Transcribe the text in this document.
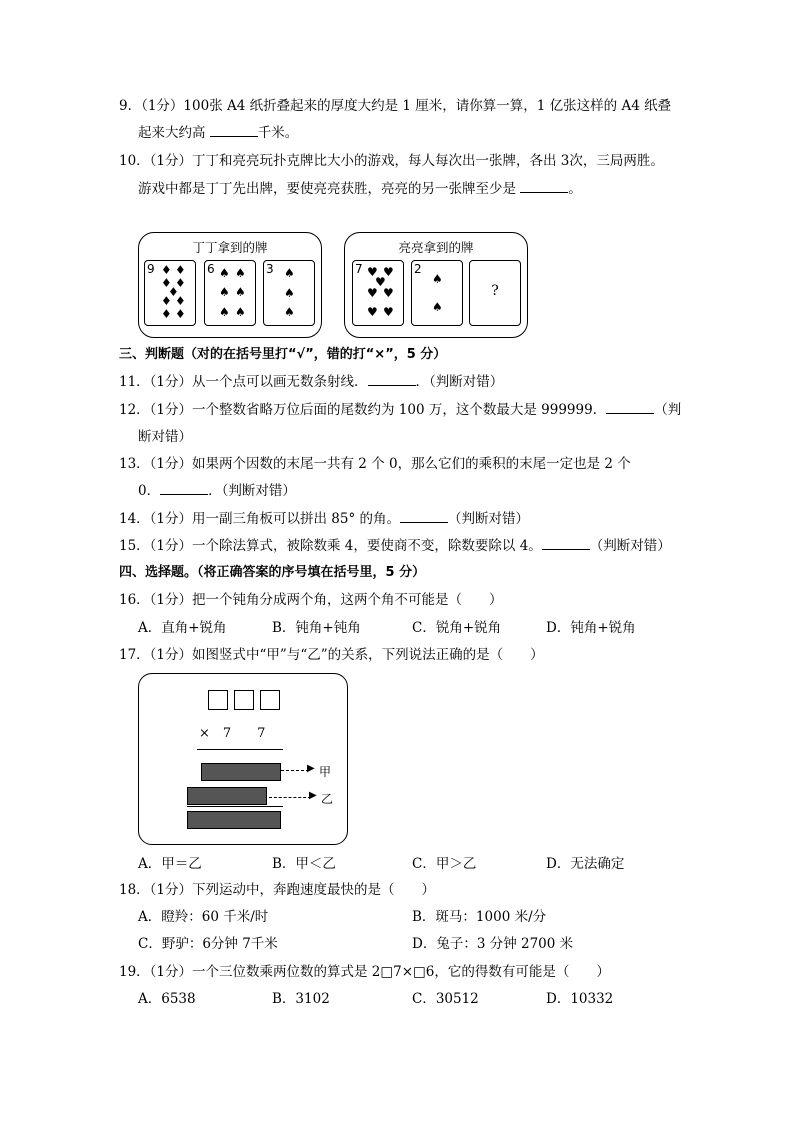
9．（1分）100张 A4 纸折叠起来的厚度大约是 1 厘米，请你算一算，1 亿张这样的 A4 纸叠
起来大约高	千米。
10．（1分）丁丁和亮亮玩扑克牌比大小的游戏，每人每次出一张牌，各出 3次，三局两胜。
游戏中都是丁丁先出牌，要使亮亮获胜，亮亮的另一张牌至少是	。
丁丁拿到的牌
9 ♦ ♦
♦ ♦
♦
♦ ♦
♦ ♦
6 ♠ ♠
♠ ♠
♠ ♠
3 ♠
♠
♠
亮亮拿到的牌
7 ♥ ♥
♥
♥ ♥
♥ ♥
2
♠
♠
?
三、判断题（对的在括号里打“√”，错的打“×”，5 分）
11．（1分）从一个点可以画无数条射线．	．（判断对错）
12．（1分）一个整数省略万位后面的尾数约为 100 万，这个数最大是 999999．	（判
断对错）
13．（1分）如果两个因数的末尾一共有 2 个 0，那么它们的乘积的末尾一定也是 2 个
0．	．（判断对错）
14．（1分）用一副三角板可以拼出 85° 的角。	（判断对错）
15．（1分）一个除法算式，被除数乘 4，要使商不变，除数要除以 4。	（判断对错）
四、选择题。（将正确答案的序号填在括号里，5 分）
16．（1分）把一个钝角分成两个角，这两个角不可能是（　　）
A．直角+锐角	B．钝角+钝角	C．锐角+锐角	D．钝角+锐角
17．（1分）如图竖式中“甲”与“乙”的关系，下列说法正确的是（　　）
×　7　　7
▶ 甲
▶ 乙
A．甲＝乙	B．甲＜乙	C．甲＞乙	D．无法确定
18．（1分）下列运动中，奔跑速度最快的是（　　）
A．瞪羚：60 千米/时	B．斑马：1000 米/分
C．野驴：6分钟 7千米	D．兔子：3 分钟 2700 米
19．（1分）一个三位数乘两位数的算式是 2□7×□6，它的得数有可能是（　　）
A．6538	B．3102	C．30512	D．10332
